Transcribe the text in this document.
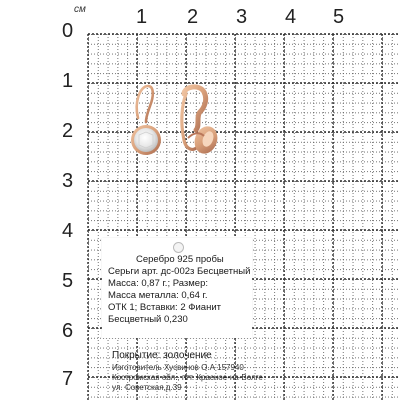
см	1 2 3 4 5
0
1
2
3
4
5
6
7
Серебро 925 пробы
Серьги арт. дс-002з Бесцветный
Масса: 0,87 г.; Размер:
Масса металла: 0,64 г.
ОТК 1; Вставки: 2 Фианит
Бесцветный 0,230
Покрытие: золочение
Изготовитель Хусвинов О.А 157940
Костромская обл., пгт. Красное-на-Волге
ул. Советская,д.39
